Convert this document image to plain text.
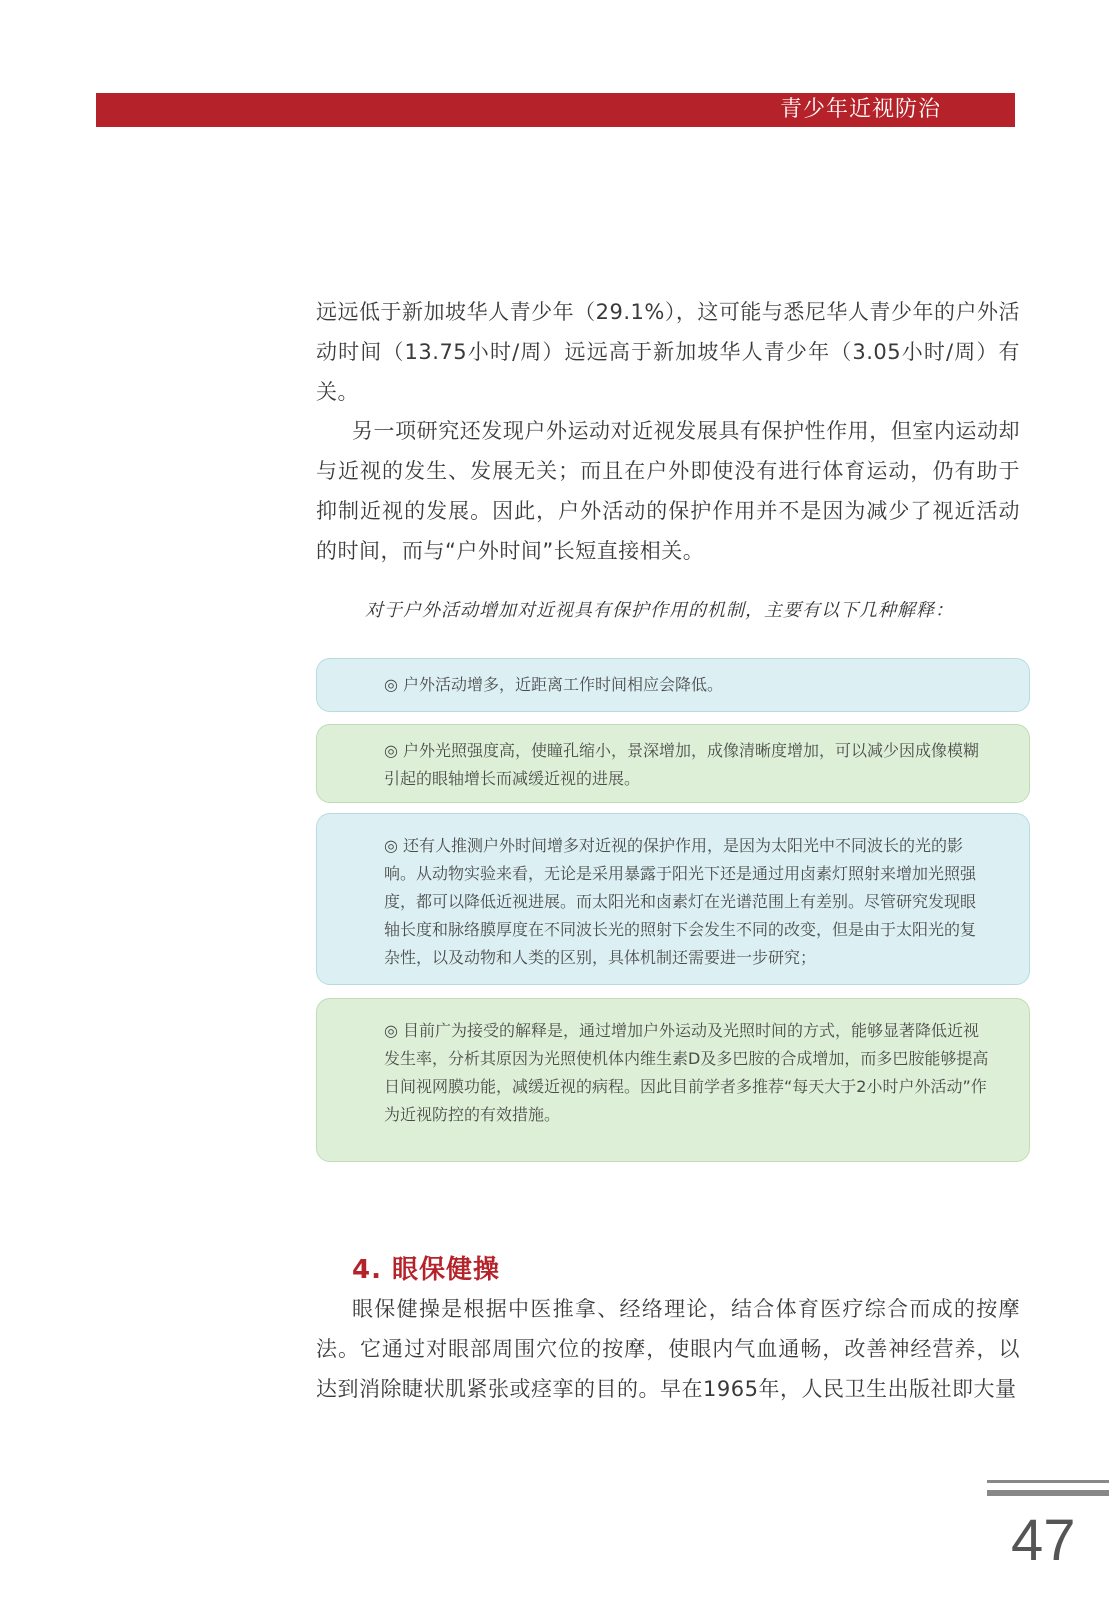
青少年近视防治

远远低于新加坡华人青少年（29.1%），这可能与悉尼华人青少年的户外活动时间（13.75小时/周）远远高于新加坡华人青少年（3.05小时/周）有关。

另一项研究还发现户外运动对近视发展具有保护性作用，但室内运动却与近视的发生、发展无关；而且在户外即使没有进行体育运动，仍有助于抑制近视的发展。因此，户外活动的保护作用并不是因为减少了视近活动的时间，而与“户外时间”长短直接相关。

对于户外活动增加对近视具有保护作用的机制，主要有以下几种解释：
◎ 户外活动增多，近距离工作时间相应会降低。
◎ 户外光照强度高，使瞳孔缩小，景深增加，成像清晰度增加，可以减少因成像模糊引起的眼轴增长而减缓近视的进展。
◎ 还有人推测户外时间增多对近视的保护作用，是因为太阳光中不同波长的光的影响。从动物实验来看，无论是采用暴露于阳光下还是通过用卤素灯照射来增加光照强度，都可以降低近视进展。而太阳光和卤素灯在光谱范围上有差别。尽管研究发现眼轴长度和脉络膜厚度在不同波长光的照射下会发生不同的改变，但是由于太阳光的复杂性，以及动物和人类的区别，具体机制还需要进一步研究；
◎ 目前广为接受的解释是，通过增加户外运动及光照时间的方式，能够显著降低近视发生率，分析其原因为光照使机体内维生素D及多巴胺的合成增加，而多巴胺能够提高日间视网膜功能，减缓近视的病程。因此目前学者多推荐“每天大于2小时户外活动”作为近视防控的有效措施。
4. 眼保健操

眼保健操是根据中医推拿、经络理论，结合体育医疗综合而成的按摩法。它通过对眼部周围穴位的按摩，使眼内气血通畅，改善神经营养，以达到消除睫状肌紧张或痉挛的目的。早在1965年，人民卫生出版社即大量

47
